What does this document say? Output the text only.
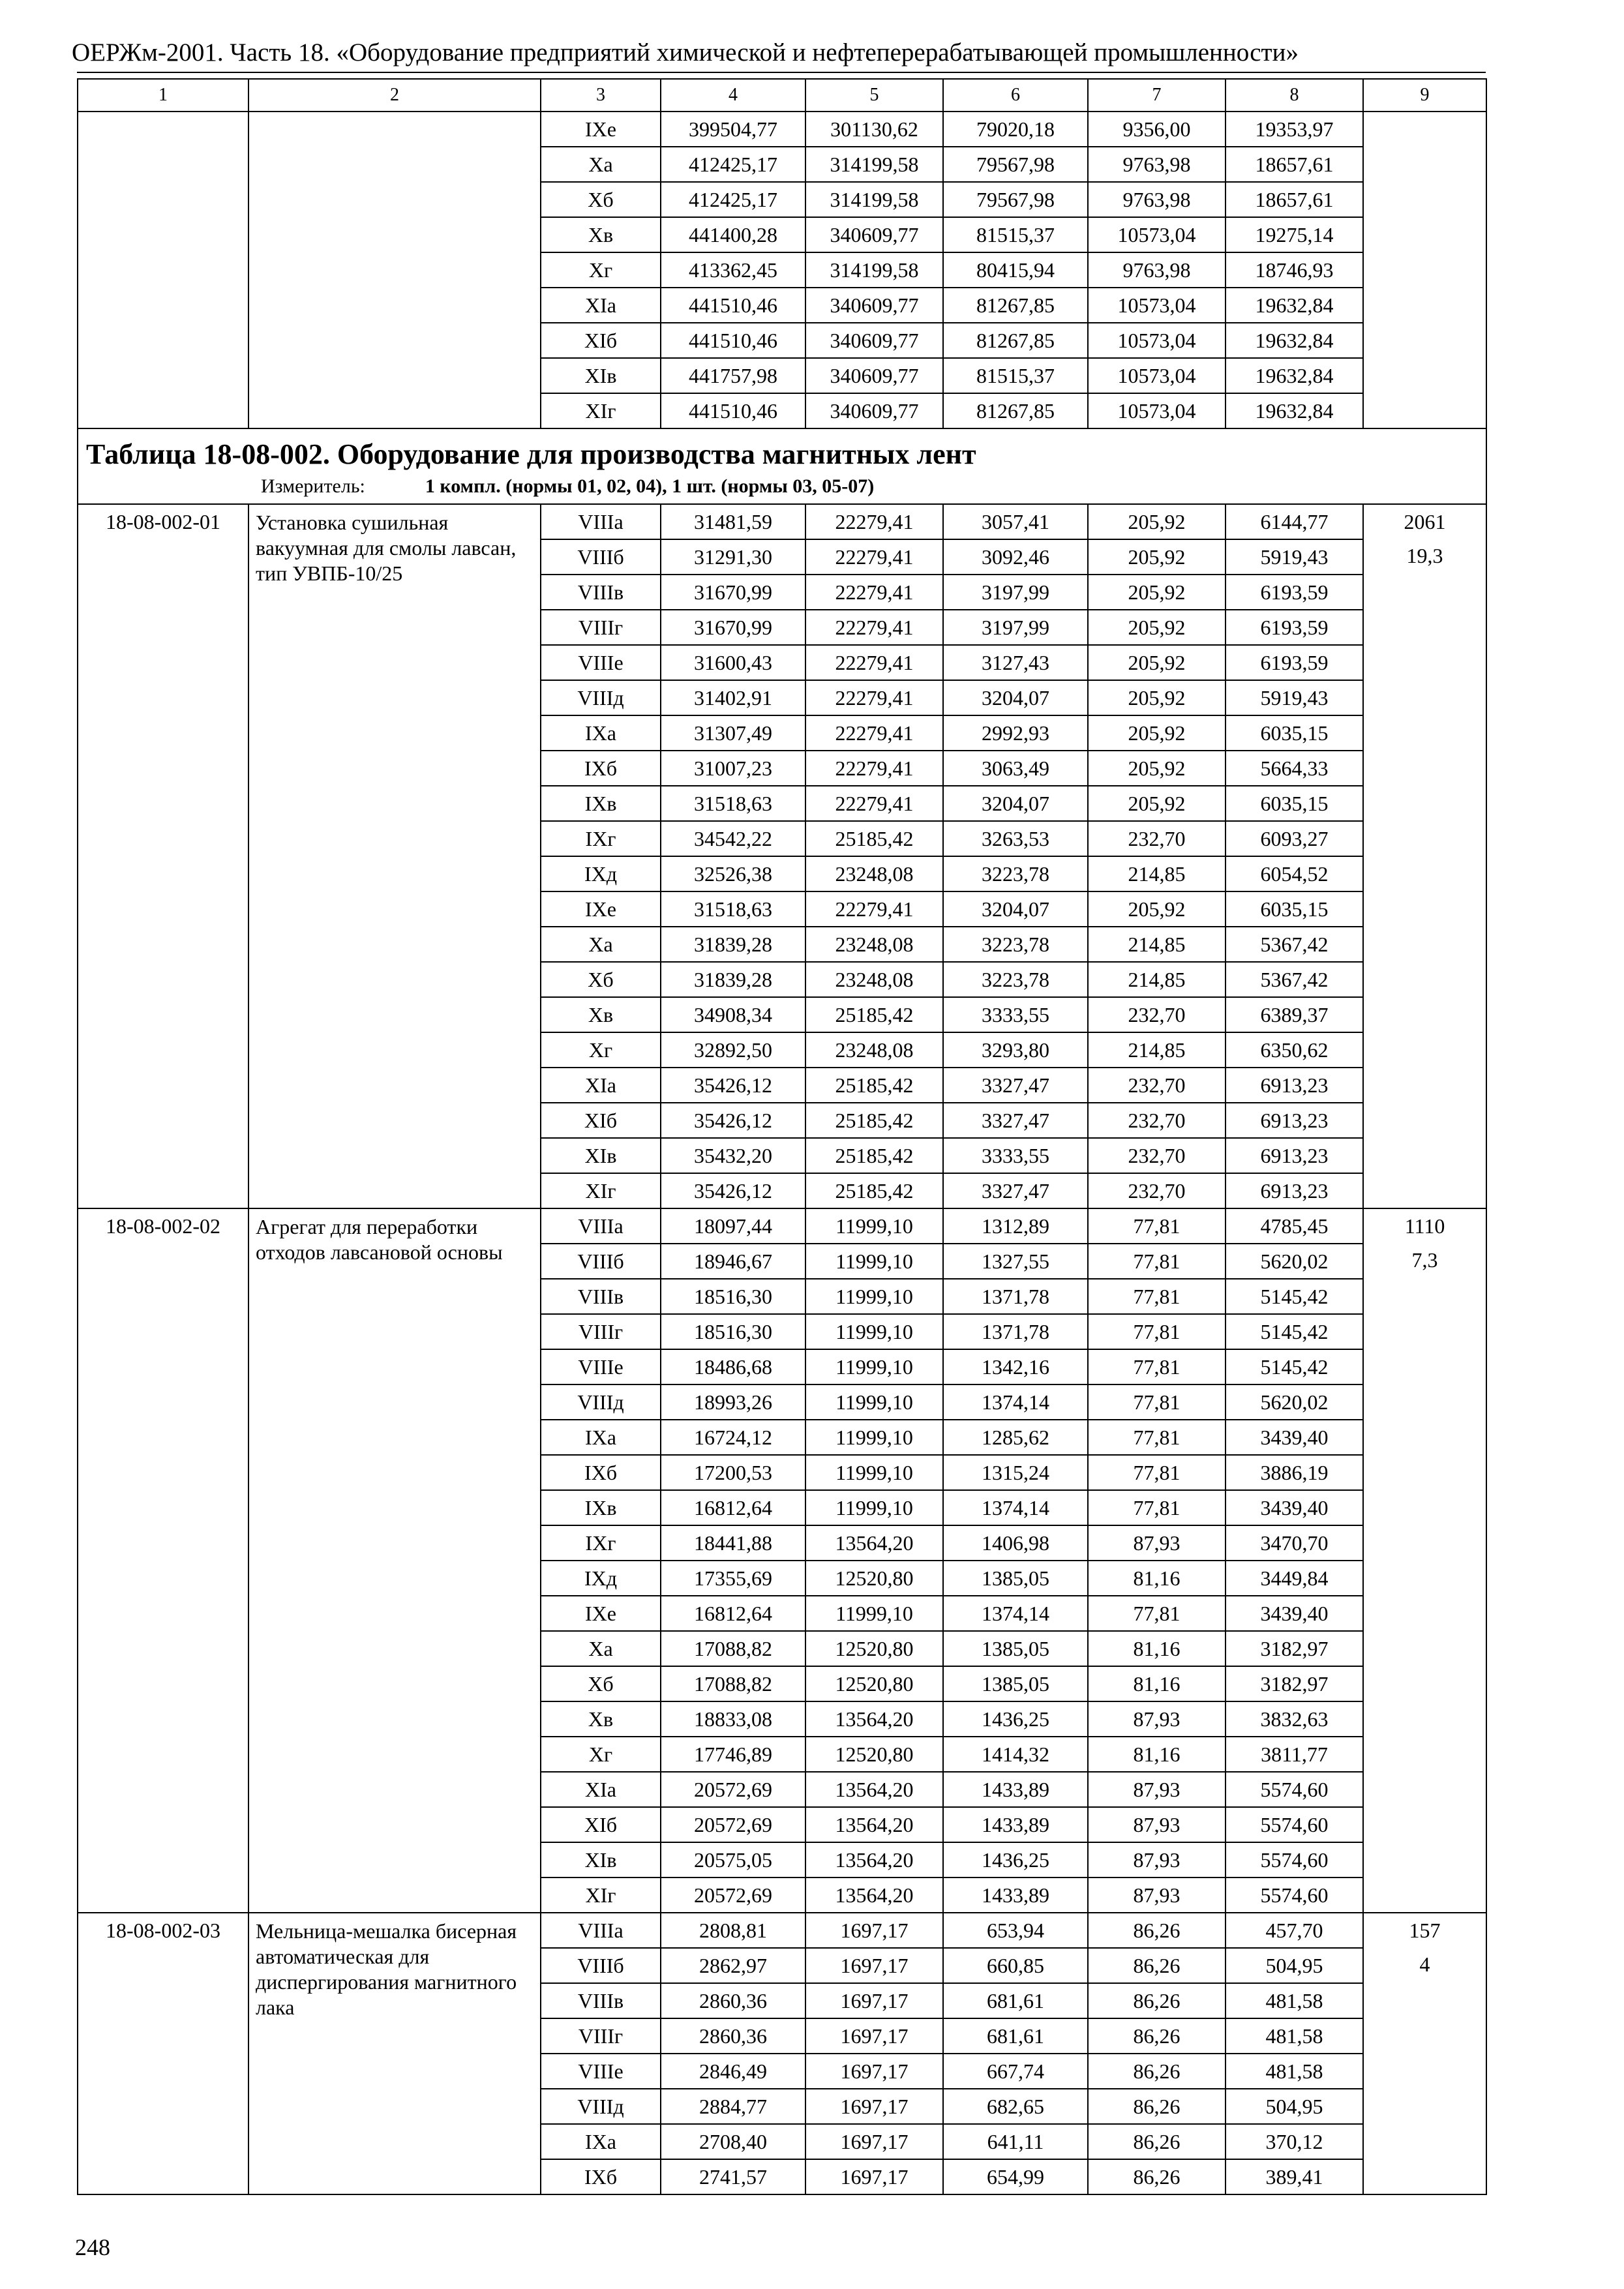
ОЕРЖм-2001. Часть 18. «Оборудование предприятий химической и нефтеперерабатывающей промышленности»
1	2	3	4	5	6	7	8	9
		IXе	399504,77	301130,62	79020,18	9356,00	19353,97	
		Xа	412425,17	314199,58	79567,98	9763,98	18657,61	
		Xб	412425,17	314199,58	79567,98	9763,98	18657,61	
		Xв	441400,28	340609,77	81515,37	10573,04	19275,14	
		Xг	413362,45	314199,58	80415,94	9763,98	18746,93	
		XIа	441510,46	340609,77	81267,85	10573,04	19632,84	
		XIб	441510,46	340609,77	81267,85	10573,04	19632,84	
		XIв	441757,98	340609,77	81515,37	10573,04	19632,84	
		XIг	441510,46	340609,77	81267,85	10573,04	19632,84	

Таблица 18-08-002. Оборудование для производства магнитных лент
Измеритель: 1 компл. (нормы 01, 02, 04), 1 шт. (нормы 03, 05-07)								

18-08-002-01	Установка сушильная вакуумная для смолы лавсан, тип УВПБ-10/25	VIIIа	31481,59	22279,41	3057,41	205,92	6144,77	2061
19,3

		VIIIб	31291,30	22279,41	3092,46	205,92	5919,43	
		VIIIв	31670,99	22279,41	3197,99	205,92	6193,59	
		VIIIг	31670,99	22279,41	3197,99	205,92	6193,59	
		VIIIе	31600,43	22279,41	3127,43	205,92	6193,59	
		VIIIд	31402,91	22279,41	3204,07	205,92	5919,43	
		IXа	31307,49	22279,41	2992,93	205,92	6035,15	
		IXб	31007,23	22279,41	3063,49	205,92	5664,33	
		IXв	31518,63	22279,41	3204,07	205,92	6035,15	
		IXг	34542,22	25185,42	3263,53	232,70	6093,27	
		IXд	32526,38	23248,08	3223,78	214,85	6054,52	
		IXе	31518,63	22279,41	3204,07	205,92	6035,15	
		Xа	31839,28	23248,08	3223,78	214,85	5367,42	
		Xб	31839,28	23248,08	3223,78	214,85	5367,42	
		Xв	34908,34	25185,42	3333,55	232,70	6389,37	
		Xг	32892,50	23248,08	3293,80	214,85	6350,62	
		XIа	35426,12	25185,42	3327,47	232,70	6913,23	
		XIб	35426,12	25185,42	3327,47	232,70	6913,23	
		XIв	35432,20	25185,42	3333,55	232,70	6913,23	
		XIг	35426,12	25185,42	3327,47	232,70	6913,23	
18-08-002-02	Агрегат для переработки отходов лавсановой основы	VIIIа	18097,44	11999,10	1312,89	77,81	4785,45	1110
7,3

		VIIIб	18946,67	11999,10	1327,55	77,81	5620,02	
		VIIIв	18516,30	11999,10	1371,78	77,81	5145,42	
		VIIIг	18516,30	11999,10	1371,78	77,81	5145,42	
		VIIIе	18486,68	11999,10	1342,16	77,81	5145,42	
		VIIIд	18993,26	11999,10	1374,14	77,81	5620,02	
		IXа	16724,12	11999,10	1285,62	77,81	3439,40	
		IXб	17200,53	11999,10	1315,24	77,81	3886,19	
		IXв	16812,64	11999,10	1374,14	77,81	3439,40	
		IXг	18441,88	13564,20	1406,98	87,93	3470,70	
		IXд	17355,69	12520,80	1385,05	81,16	3449,84	
		IXе	16812,64	11999,10	1374,14	77,81	3439,40	
		Xа	17088,82	12520,80	1385,05	81,16	3182,97	
		Xб	17088,82	12520,80	1385,05	81,16	3182,97	
		Xв	18833,08	13564,20	1436,25	87,93	3832,63	
		Xг	17746,89	12520,80	1414,32	81,16	3811,77	
		XIа	20572,69	13564,20	1433,89	87,93	5574,60	
		XIб	20572,69	13564,20	1433,89	87,93	5574,60	
		XIв	20575,05	13564,20	1436,25	87,93	5574,60	
		XIг	20572,69	13564,20	1433,89	87,93	5574,60	
18-08-002-03	Мельница-мешалка бисерная автоматическая для диспергирования магнитного лака	VIIIа	2808,81	1697,17	653,94	86,26	457,70	157
4

		VIIIб	2862,97	1697,17	660,85	86,26	504,95	
		VIIIв	2860,36	1697,17	681,61	86,26	481,58	
		VIIIг	2860,36	1697,17	681,61	86,26	481,58	
		VIIIе	2846,49	1697,17	667,74	86,26	481,58	
		VIIIд	2884,77	1697,17	682,65	86,26	504,95	
		IXа	2708,40	1697,17	641,11	86,26	370,12	
		IXб	2741,57	1697,17	654,99	86,26	389,41	
248
